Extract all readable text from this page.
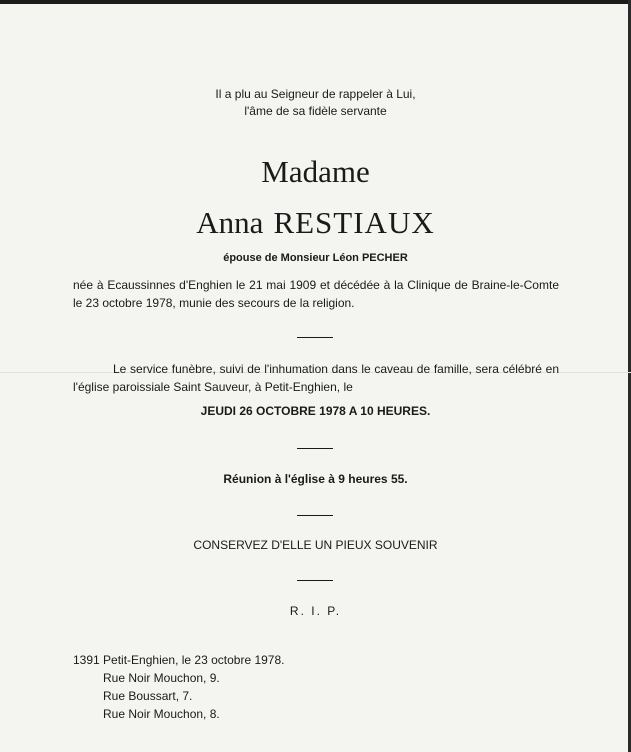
Il a plu au Seigneur de rappeler à Lui,
l'âme de sa fidèle servante
Madame
Anna RESTIAUX
épouse de Monsieur Léon PECHER
née à Ecaussinnes d'Enghien le 21 mai 1909 et décédée à la Clinique de Braine-le-Comte le 23 octobre 1978, munie des secours de la religion.
Le service funèbre, suivi de l'inhumation dans le caveau de famille, sera célébré en l'église paroissiale Saint Sauveur, à Petit-Enghien, le
JEUDI 26 OCTOBRE 1978 A 10 HEURES.
Réunion à l'église à 9 heures 55.
CONSERVEZ D'ELLE UN PIEUX SOUVENIR
R. I. P.
1391 Petit-Enghien, le 23 octobre 1978.
Rue Noir Mouchon, 9.
Rue Boussart, 7.
Rue Noir Mouchon, 8.
